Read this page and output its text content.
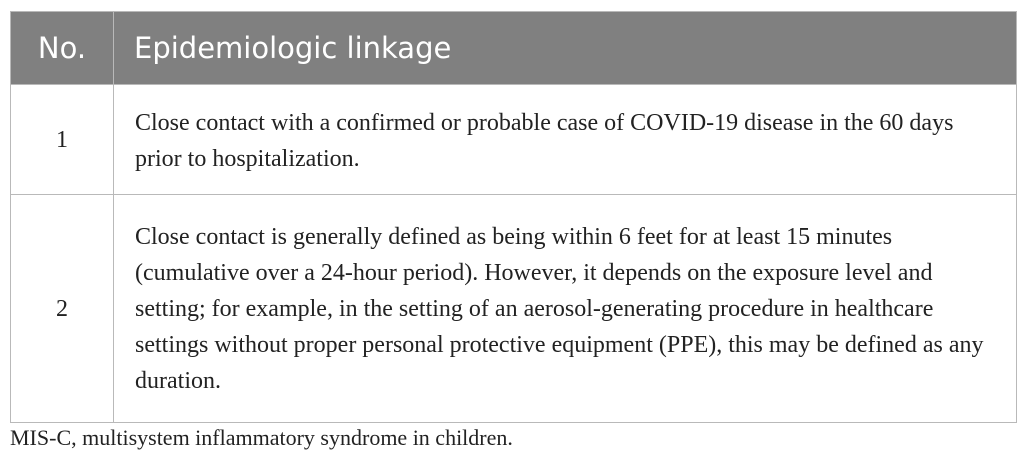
No.	Epidemiologic linkage
1	Close contact with a confirmed or probable case of COVID-19 disease in the 60 days prior to hospitalization.
2	Close contact is generally defined as being within 6 feet for at least 15 minutes (cumulative over a 24-hour period). However, it depends on the exposure level and setting; for example, in the setting of an aerosol-generating procedure in healthcare settings without proper personal protective equipment (PPE), this may be defined as any duration.
MIS-C, multisystem inflammatory syndrome in children.
